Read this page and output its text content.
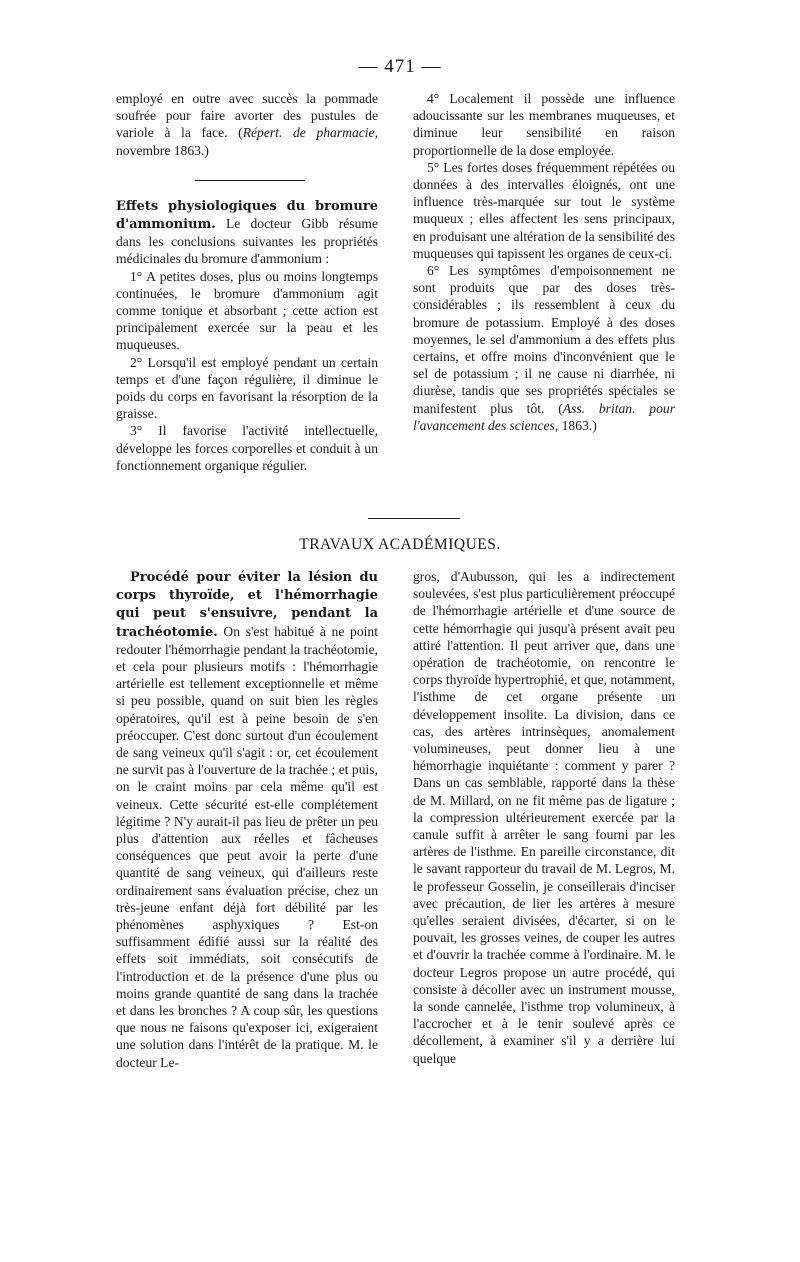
— 471 —

employé en outre avec succès la pommade soufrée pour faire avorter des pustules de variole à la face. (Répert. de pharmacie, novembre 1863.)

Effets physiologiques du bromure d'ammonium. Le docteur Gibb résume dans les conclusions suivantes les propriétés médicinales du bromure d'ammonium :

1° A petites doses, plus ou moins longtemps continuées, le bromure d'ammonium agit comme tonique et absorbant ; cette action est principalement exercée sur la peau et les muqueuses.

2° Lorsqu'il est employé pendant un certain temps et d'une façon régulière, il diminue le poids du corps en favorisant la résorption de la graisse.

3° Il favorise l'activité intellectuelle, développe les forces corporelles et conduit à un fonctionnement organique régulier.

4° Localement il possède une influence adoucissante sur les membranes muqueuses, et diminue leur sensibilité en raison proportionnelle de la dose employée.

5° Les fortes doses fréquemment répétées ou données à des intervalles éloignés, ont une influence très-marquée sur tout le système muqueux ; elles affectent les sens principaux, en produisant une altération de la sensibilité des muqueuses qui tapissent les organes de ceux-ci.

6° Les symptômes d'empoisonnement ne sont produits que par des doses très-considérables ; ils ressemblent à ceux du bromure de potassium. Employé à des doses moyennes, le sel d'ammonium a des effets plus certains, et offre moins d'inconvénient que le sel de potassium ; il ne cause ni diarrhée, ni diurèse, tandis que ses propriétés spéciales se manifestent plus tôt. (Ass. britan. pour l'avancement des sciences, 1863.)

TRAVAUX ACADÉMIQUES.

Procédé pour éviter la lésion du corps thyroïde, et l'hémorrhagie qui peut s'ensuivre, pendant la trachéotomie. On s'est habitué à ne point redouter l'hémorrhagie pendant la trachéotomie, et cela pour plusieurs motifs : l'hémorrhagie artérielle est tellement exceptionnelle et même si peu possible, quand on suit bien les règles opératoires, qu'il est à peine besoin de s'en préoccuper. C'est donc surtout d'un écoulement de sang veineux qu'il s'agit : or, cet écoulement ne survit pas à l'ouverture de la trachée ; et puis, on le craint moins par cela même qu'il est veineux. Cette sécurité est-elle complétement légitime ? N'y aurait-il pas lieu de prêter un peu plus d'attention aux réelles et fâcheuses conséquences que peut avoir la perte d'une quantité de sang veineux, qui d'ailleurs reste ordinairement sans évaluation précise, chez un très-jeune enfant déjà fort débilité par les phénomènes asphyxiques ? Est-on suffisamment édifié aussi sur la réalité des effets soit immédiats, soit consécutifs de l'introduction et de la présence d'une plus ou moins grande quantité de sang dans la trachée et dans les bronches ? A coup sûr, les questions que nous ne faisons qu'exposer ici, exigeraient une solution dans l'intérêt de la pratique. M. le docteur Le-

gros, d'Aubusson, qui les a indirectement soulevées, s'est plus particulièrement préoccupé de l'hémorrhagie artérielle et d'une source de cette hémorrhagie qui jusqu'à présent avait peu attiré l'attention. Il peut arriver que, dans une opération de trachéotomie, on rencontre le corps thyroïde hypertrophié, et que, notamment, l'isthme de cet organe présente un développement insolite. La division, dans ce cas, des artères intrinsèques, anomalement volumineuses, peut donner lieu à une hémorrhagie inquiétante : comment y parer ? Dans un cas semblable, rapporté dans la thèse de M. Millard, on ne fit même pas de ligature ; la compression ultérieurement exercée par la canule suffit à arrêter le sang fourni par les artères de l'isthme. En pareille circonstance, dit le savant rapporteur du travail de M. Legros, M. le professeur Gosselin, je conseillerais d'inciser avec précaution, de lier les artères à mesure qu'elles seraient divisées, d'écarter, si on le pouvait, les grosses veines, de couper les autres et d'ouvrir la trachée comme à l'ordinaire. M. le docteur Legros propose un autre procédé, qui consiste à décoller avec un instrument mousse, la sonde cannelée, l'isthme trop volumineux, à l'accrocher et à le tenir soulevé après ce décollement, à examiner s'il y a derrière lui quelque
